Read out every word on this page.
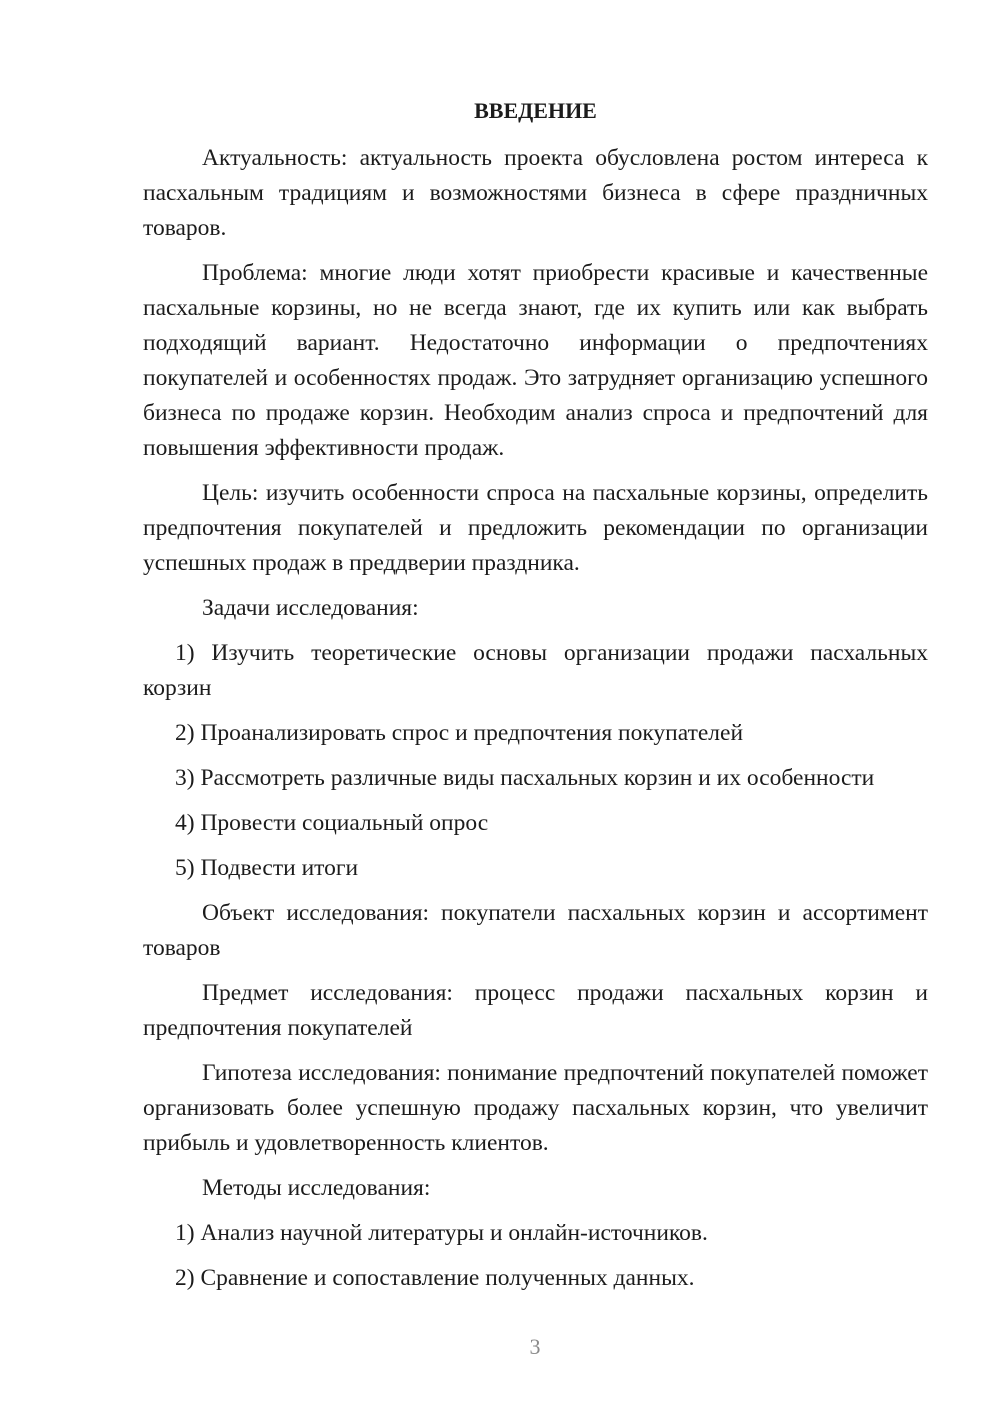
ВВЕДЕНИЕ

Актуальность: актуальность проекта обусловлена ростом интереса к пасхальным традициям и возможностями бизнеса в сфере праздничных товаров.

Проблема: многие люди хотят приобрести красивые и качественные пасхальные корзины, но не всегда знают, где их купить или как выбрать подходящий вариант. Недостаточно информации о предпочтениях покупателей и особенностях продаж. Это затрудняет организацию успешного бизнеса по продаже корзин. Необходим анализ спроса и предпочтений для повышения эффективности продаж.

Цель: изучить особенности спроса на пасхальные корзины, определить предпочтения покупателей и предложить рекомендации по организации успешных продаж в преддверии праздника.

Задачи исследования:

1) Изучить теоретические основы организации продажи пасхальных корзин

2) Проанализировать спрос и предпочтения покупателей

3) Рассмотреть различные виды пасхальных корзин и их особенности

4) Провести социальный опрос

5) Подвести итоги

Объект исследования: покупатели пасхальных корзин и ассортимент товаров

Предмет исследования: процесс продажи пасхальных корзин и предпочтения покупателей

Гипотеза исследования: понимание предпочтений покупателей поможет организовать более успешную продажу пасхальных корзин, что увеличит прибыль и удовлетворенность клиентов.

Методы исследования:

1) Анализ научной литературы и онлайн-источников.

2) Сравнение и сопоставление полученных данных.

3
